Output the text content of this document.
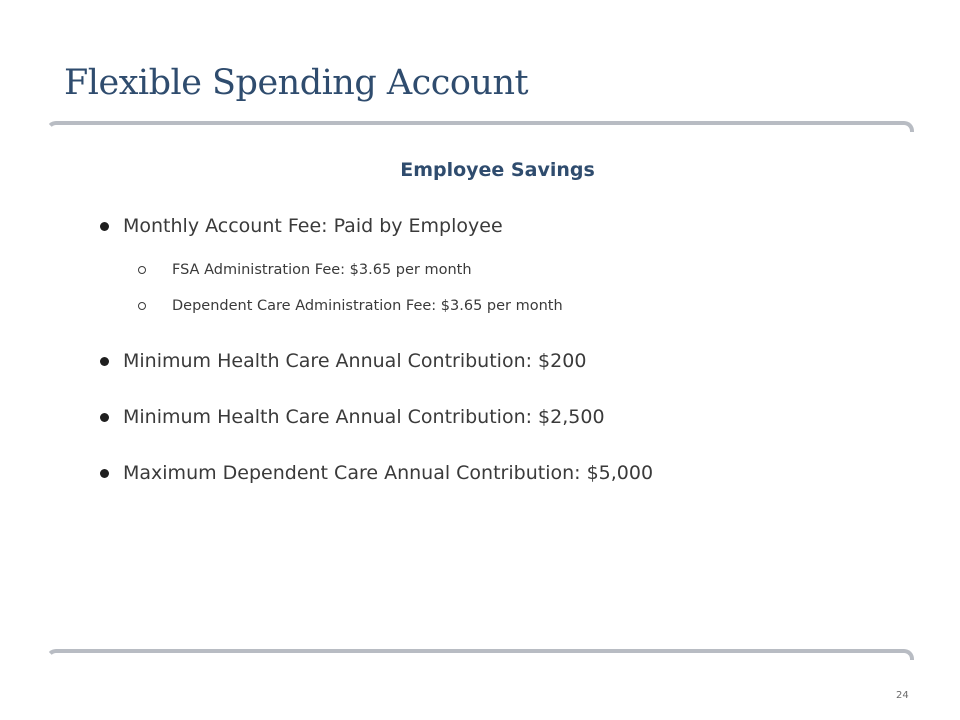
Flexible Spending Account
Employee Savings
Monthly Account Fee: Paid by Employee
FSA Administration Fee: $3.65 per month
Dependent Care Administration Fee: $3.65 per month
Minimum Health Care Annual Contribution: $200
Minimum Health Care Annual Contribution: $2,500
Maximum Dependent Care Annual Contribution: $5,000
24
